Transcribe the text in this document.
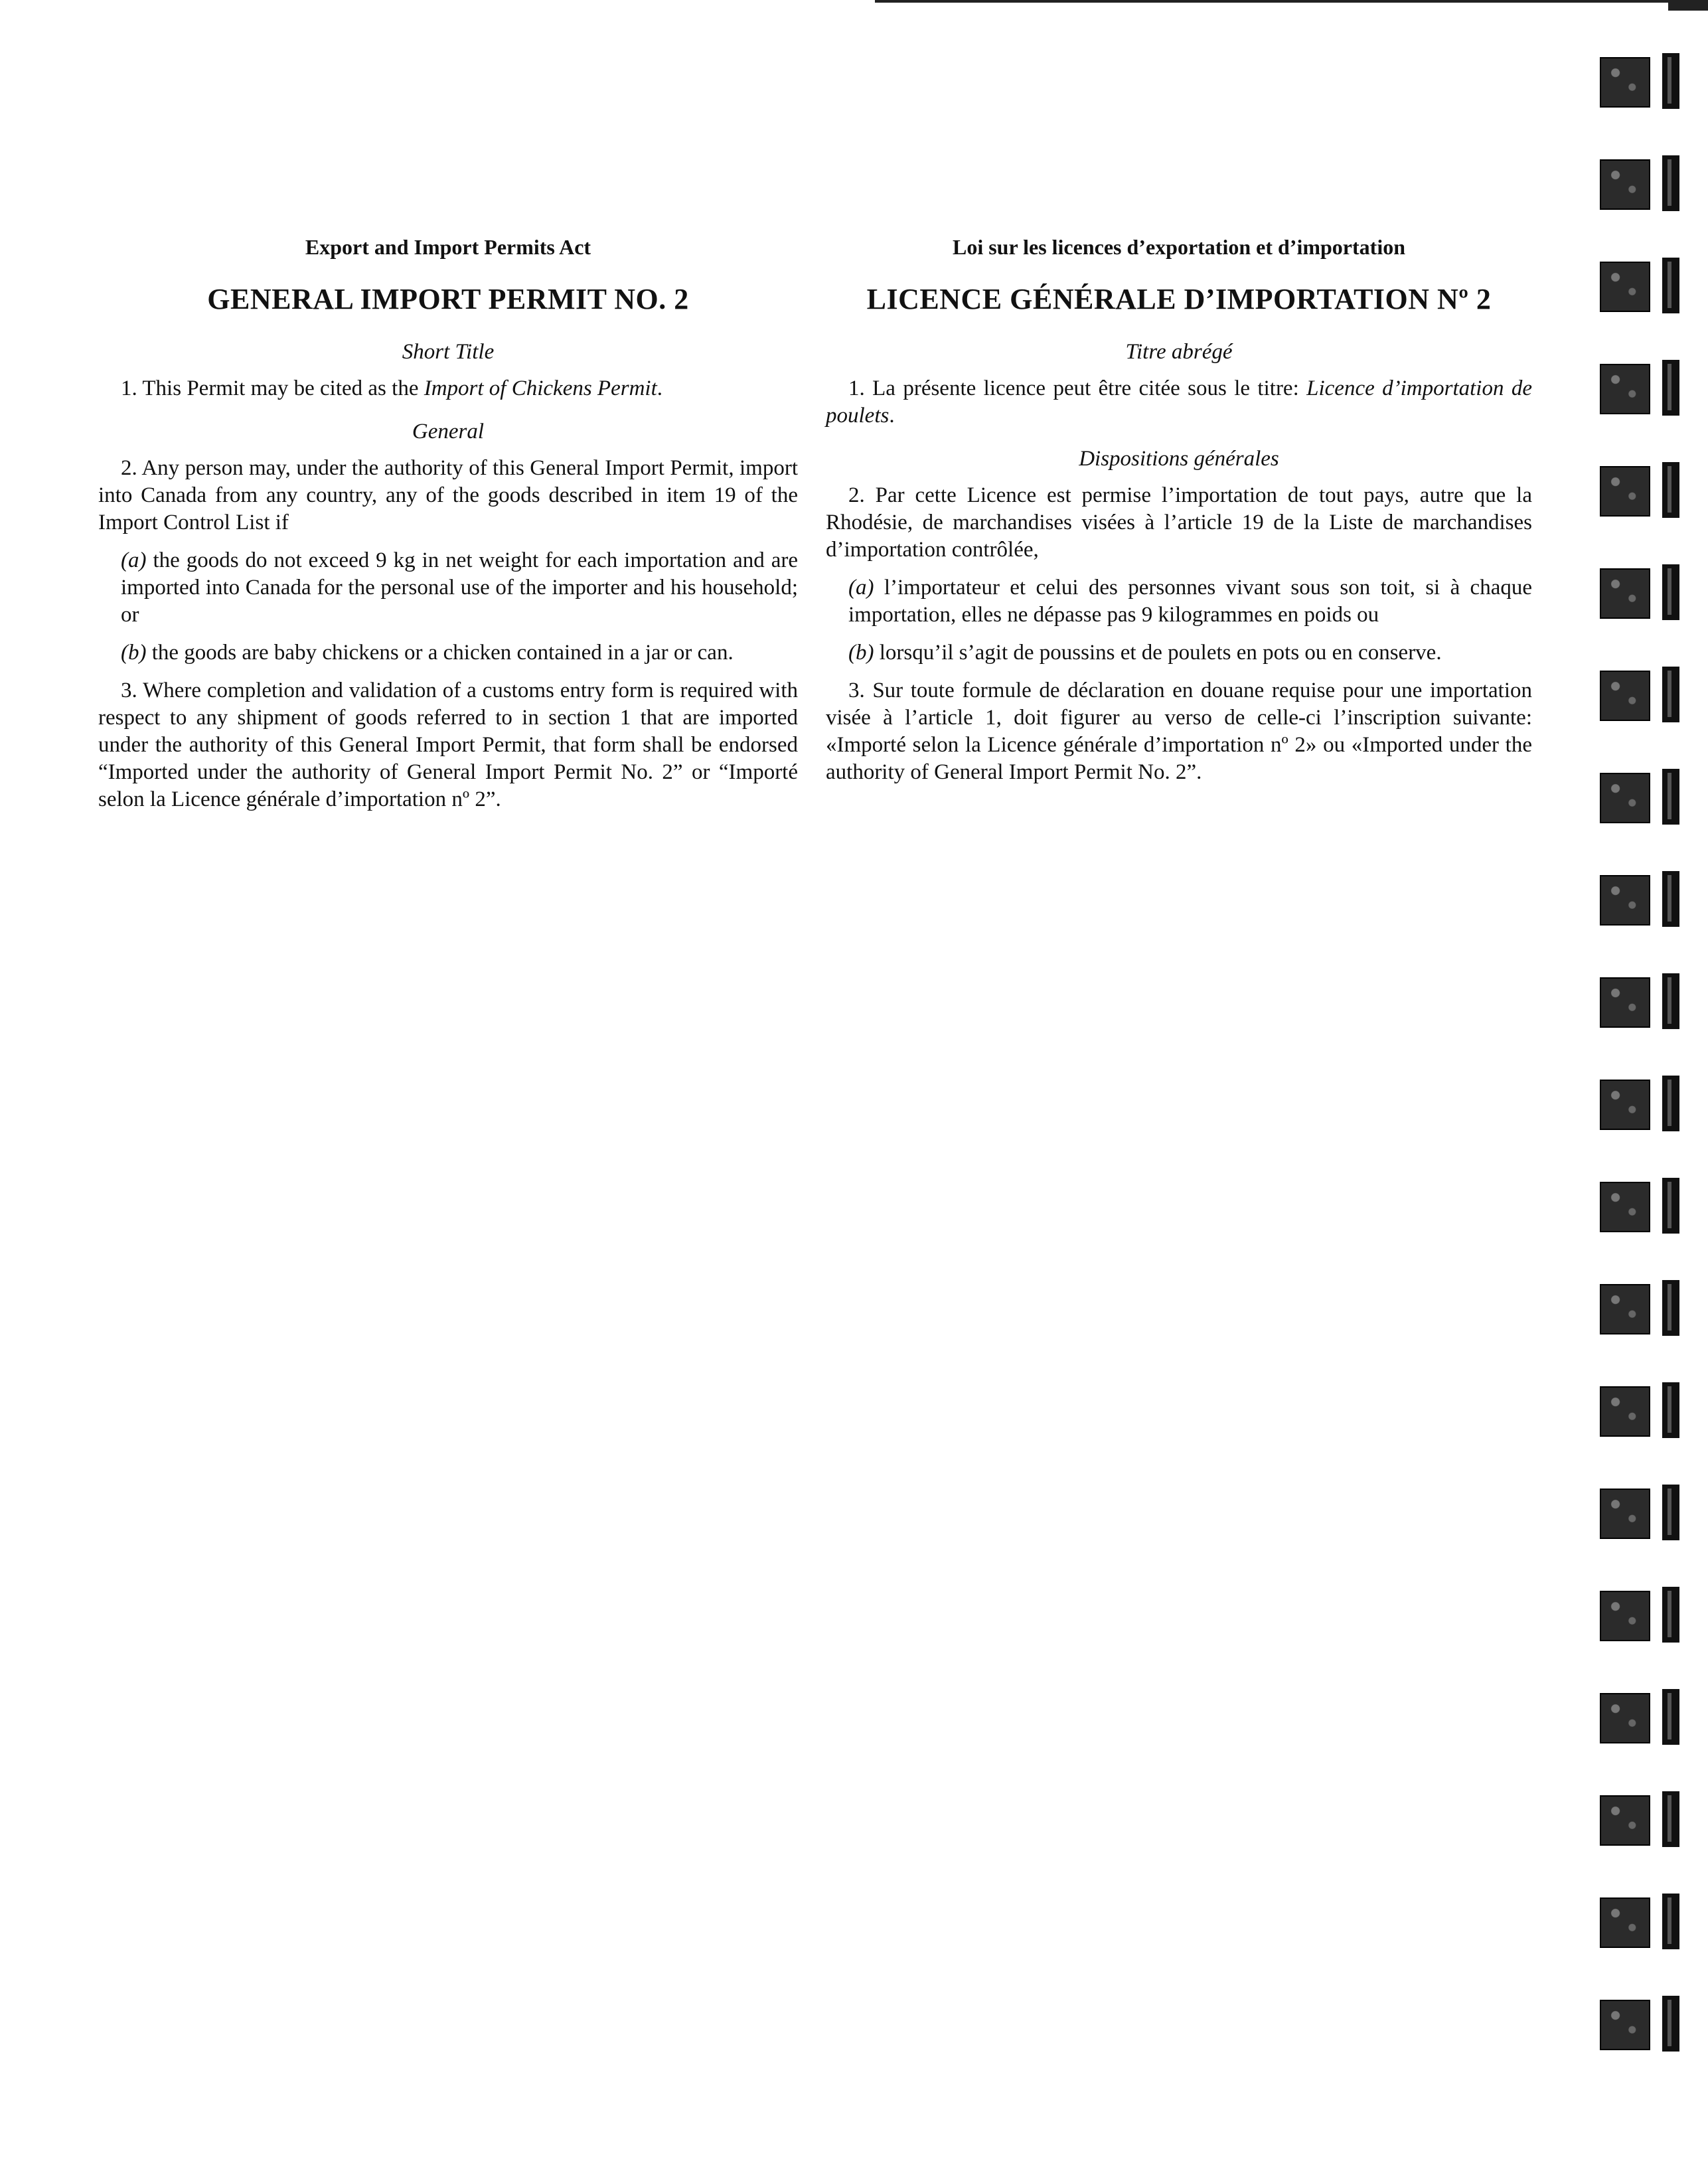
Export and Import Permits Act
GENERAL IMPORT PERMIT NO. 2
Short Title

1. This Permit may be cited as the Import of Chickens Permit.

General

2. Any person may, under the authority of this General Import Permit, import into Canada from any country, any of the goods described in item 19 of the Import Control List if

(a) the goods do not exceed 9 kg in net weight for each importation and are imported into Canada for the personal use of the importer and his household; or

(b) the goods are baby chickens or a chicken contained in a jar or can.

3. Where completion and validation of a customs entry form is required with respect to any shipment of goods referred to in section 1 that are imported under the authority of this General Import Permit, that form shall be endorsed “Imported under the authority of General Import Permit No. 2” or “Importé selon la Licence générale d’importation nº 2”.

Loi sur les licences d’exportation et d’importation
LICENCE GÉNÉRALE D’IMPORTATION Nº 2
Titre abrégé

1. La présente licence peut être citée sous le titre: Licence d’importation de poulets.

Dispositions générales

2. Par cette Licence est permise l’importation de tout pays, autre que la Rhodésie, de marchandises visées à l’article 19 de la Liste de marchandises d’importation contrôlée,

(a) l’importateur et celui des personnes vivant sous son toit, si à chaque importation, elles ne dépasse pas 9 kilogrammes en poids ou

(b) lorsqu’il s’agit de poussins et de poulets en pots ou en conserve.

3. Sur toute formule de déclaration en douane requise pour une importation visée à l’article 1, doit figurer au verso de celle-ci l’inscription suivante: «Importé selon la Licence générale d’importation nº 2» ou «Imported under the authority of General Import Permit No. 2”.
